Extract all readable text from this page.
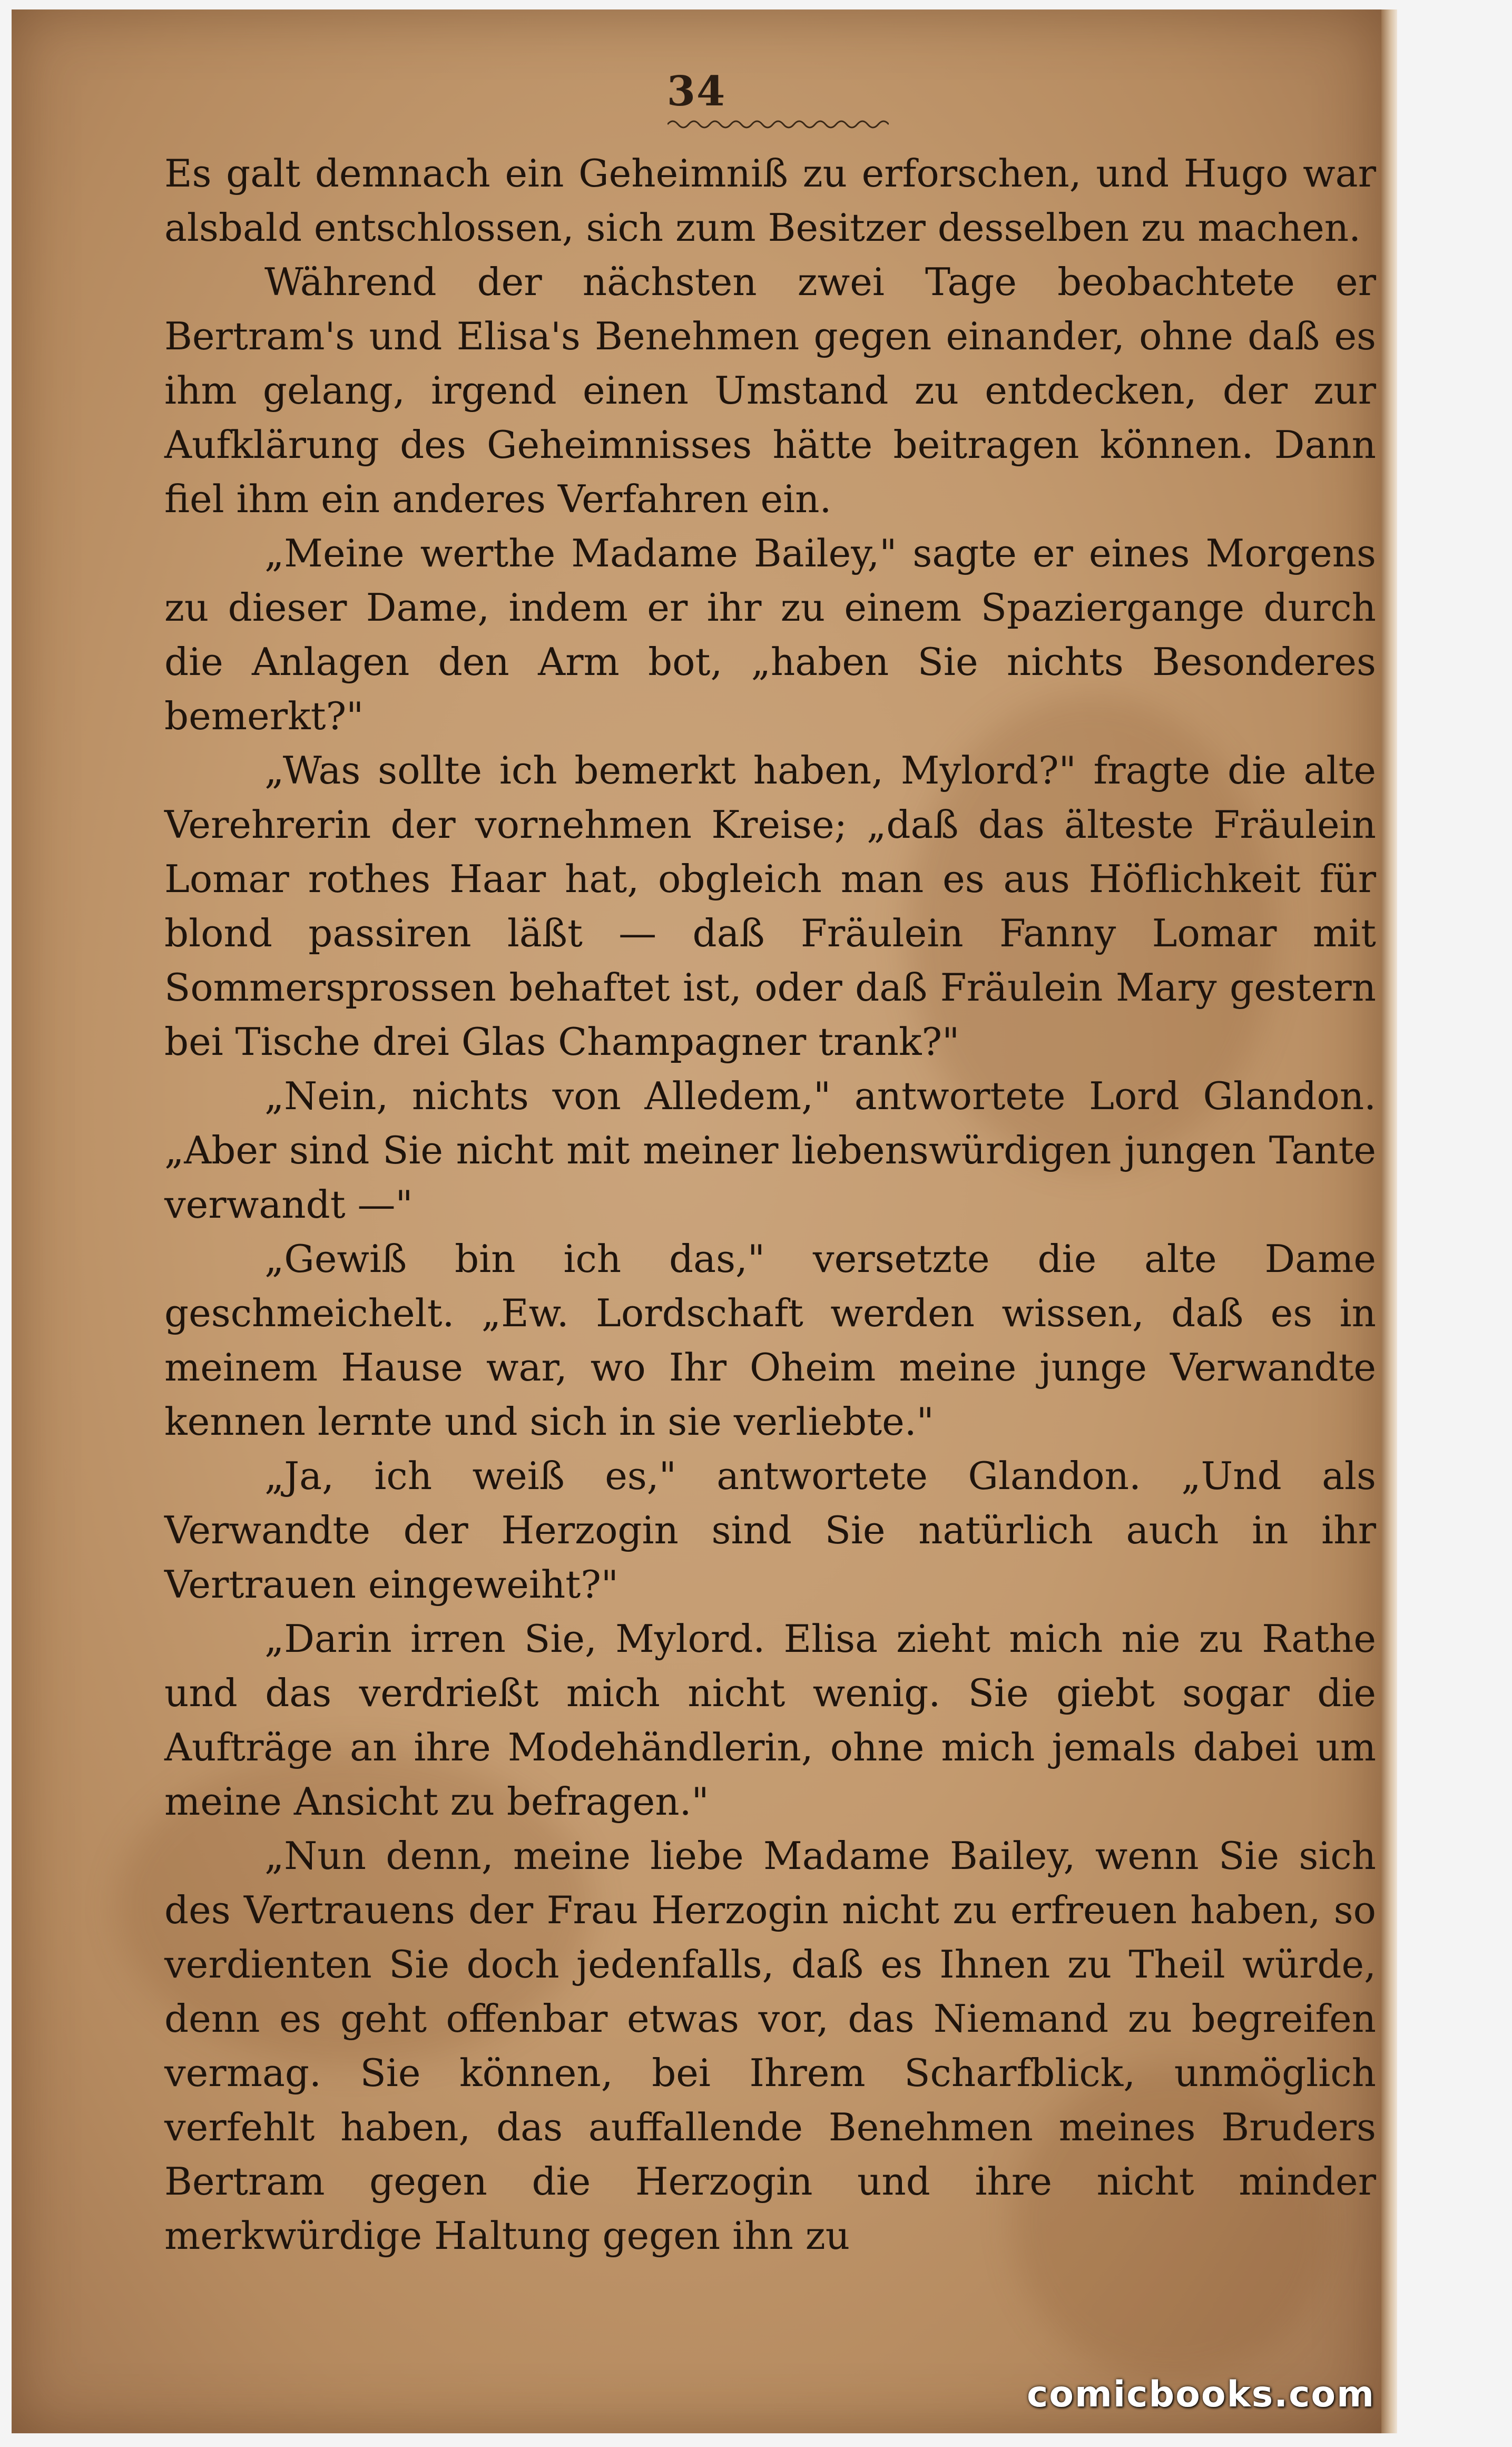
34

Es galt demnach ein Geheimniß zu erforschen, und Hugo war alsbald entschlossen, sich zum Besitzer desselben zu machen.

Während der nächsten zwei Tage beobachtete er Bertram's und Elisa's Benehmen gegen einander, ohne daß es ihm gelang, irgend einen Umstand zu entdecken, der zur Aufklärung des Geheimnisses hätte beitragen können. Dann fiel ihm ein anderes Verfahren ein.

„Meine werthe Madame Bailey," sagte er eines Morgens zu dieser Dame, indem er ihr zu einem Spaziergange durch die Anlagen den Arm bot, „haben Sie nichts Besonderes bemerkt?"

„Was sollte ich bemerkt haben, Mylord?" fragte die alte Verehrerin der vornehmen Kreise; „daß das älteste Fräulein Lomar rothes Haar hat, obgleich man es aus Höflichkeit für blond passiren läßt — daß Fräulein Fanny Lomar mit Sommersprossen behaftet ist, oder daß Fräulein Mary gestern bei Tische drei Glas Champagner trank?"

„Nein, nichts von Alledem," antwortete Lord Glandon. „Aber sind Sie nicht mit meiner liebenswürdigen jungen Tante verwandt —"

„Gewiß bin ich das," versetzte die alte Dame geschmeichelt. „Ew. Lordschaft werden wissen, daß es in meinem Hause war, wo Ihr Oheim meine junge Verwandte kennen lernte und sich in sie verliebte."

„Ja, ich weiß es," antwortete Glandon. „Und als Verwandte der Herzogin sind Sie natürlich auch in ihr Vertrauen eingeweiht?"

„Darin irren Sie, Mylord. Elisa zieht mich nie zu Rathe und das verdrießt mich nicht wenig. Sie giebt sogar die Aufträge an ihre Modehändlerin, ohne mich jemals dabei um meine Ansicht zu befragen."

„Nun denn, meine liebe Madame Bailey, wenn Sie sich des Vertrauens der Frau Herzogin nicht zu erfreuen haben, so verdienten Sie doch jedenfalls, daß es Ihnen zu Theil würde, denn es geht offenbar etwas vor, das Niemand zu begreifen vermag. Sie können, bei Ihrem Scharfblick, unmöglich verfehlt haben, das auffallende Benehmen meines Bruders Bertram gegen die Herzogin und ihre nicht minder merkwürdige Haltung gegen ihn zu

comicbooks.com
